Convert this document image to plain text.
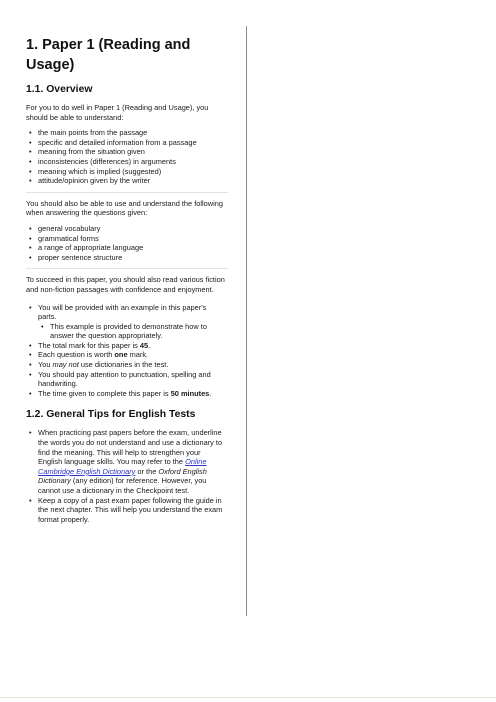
1. Paper 1 (Reading and Usage)
1.1. Overview

For you to do well in Paper 1 (Reading and Usage), you
should be able to understand:

• the main points from the passage
• specific and detailed information from a passage
• meaning from the situation given
• inconsistencies (differences) in arguments
• meaning which is implied (suggested)
• attitude/opinion given by the writer

You should also be able to use and understand the following
when answering the questions given:

• general vocabulary
• grammatical forms
• a range of appropriate language
• proper sentence structure

To succeed in this paper, you should also read various fiction
and non-fiction passages with confidence and enjoyment.

• You will be provided with an example in this paper's
parts.
• This example is provided to demonstrate how to
answer the question appropriately.
• The total mark for this paper is 45.
• Each question is worth one mark.
• You may not use dictionaries in the test.
• You should pay attention to punctuation, spelling and
handwriting.
• The time given to complete this paper is 50 minutes.
1.2. General Tips for English Tests
• When practicing past papers before the exam, underline
the words you do not understand and use a dictionary to
find the meaning. This will help to strengthen your
English language skills. You may refer to the Online
Cambridge English Dictionary or the Oxford English
Dictionary (any edition) for reference. However, you
cannot use a dictionary in the Checkpoint test.
• Keep a copy of a past exam paper following the guide in
the next chapter. This will help you understand the exam
format properly.
